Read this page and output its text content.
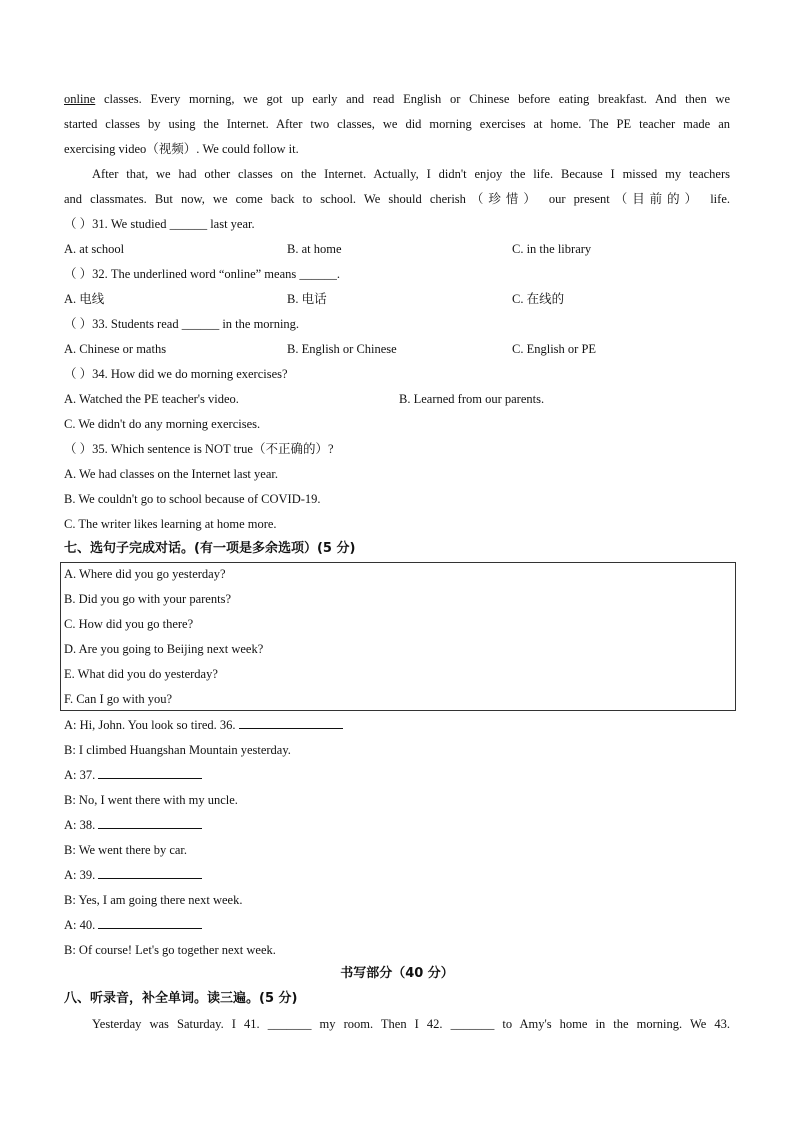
online classes. Every morning, we got up early and read English or Chinese before eating breakfast. And then we
started classes by using the Internet. After two classes, we did morning exercises at home. The PE teacher made an
exercising video（视频）. We could follow it.
After that, we had other classes on the Internet. Actually, I didn't enjoy the life. Because I missed my teachers
and classmates. But now, we come back to school. We should cherish（珍惜） our present（目前的） life.
（ ）31. We studied ______ last year.
A. at school	B. at home	C. in the library
（ ）32. The underlined word “online” means ______.
A. 电线	B. 电话	C. 在线的
（ ）33. Students read ______ in the morning.
A. Chinese or maths	B. English or Chinese	C. English or PE
（ ）34. How did we do morning exercises?
A. Watched the PE teacher's video.	B. Learned from our parents.
C. We didn't do any morning exercises.
（ ）35. Which sentence is NOT true（不正确的）?
A. We had classes on the Internet last year.
B. We couldn't go to school because of COVID-19.
C. The writer likes learning at home more.
七、选句子完成对话。(有一项是多余选项）(5 分)
A. Where did you go yesterday?
B. Did you go with your parents?
C. How did you go there?
D. Are you going to Beijing next week?
E. What did you do yesterday?
F. Can I go with you?
A: Hi, John. You look so tired. 36.
B: I climbed Huangshan Mountain yesterday.
A: 37.
B: No, I went there with my uncle.
A: 38.
B: We went there by car.
A: 39.
B: Yes, I am going there next week.
A: 40.
B: Of course! Let's go together next week.
书写部分（40 分）
八、听录音，补全单词。读三遍。(5 分)
Yesterday was Saturday. I 41. _______ my room. Then I 42. _______ to Amy's home in the morning. We 43.
